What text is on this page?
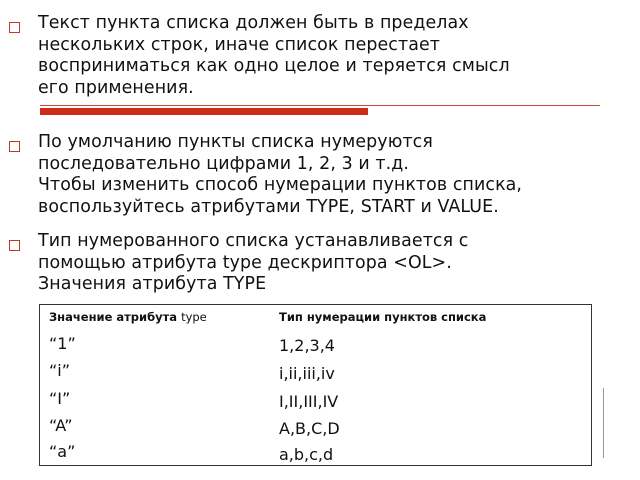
Текст пункта списка должен быть в пределах
нескольких строк, иначе список перестает
восприниматься как одно целое и теряется смысл
его применения.

По умолчанию пункты списка нумеруются
последовательно цифрами 1, 2, 3 и т.д.
Чтобы изменить способ нумерации пунктов списка,
воспользуйтесь атрибутами TYPE, START и VALUE.

Тип нумерованного списка устанавливается с
помощью атрибута type дескриптора <OL>.
Значения атрибута TYPE

Значение атрибута type	Тип нумерации пунктов списка
“1”	1,2,3,4
“i”	i,ii,iii,iv
“I”	I,II,III,IV
“A”	A,B,C,D
“a”	a,b,c,d
